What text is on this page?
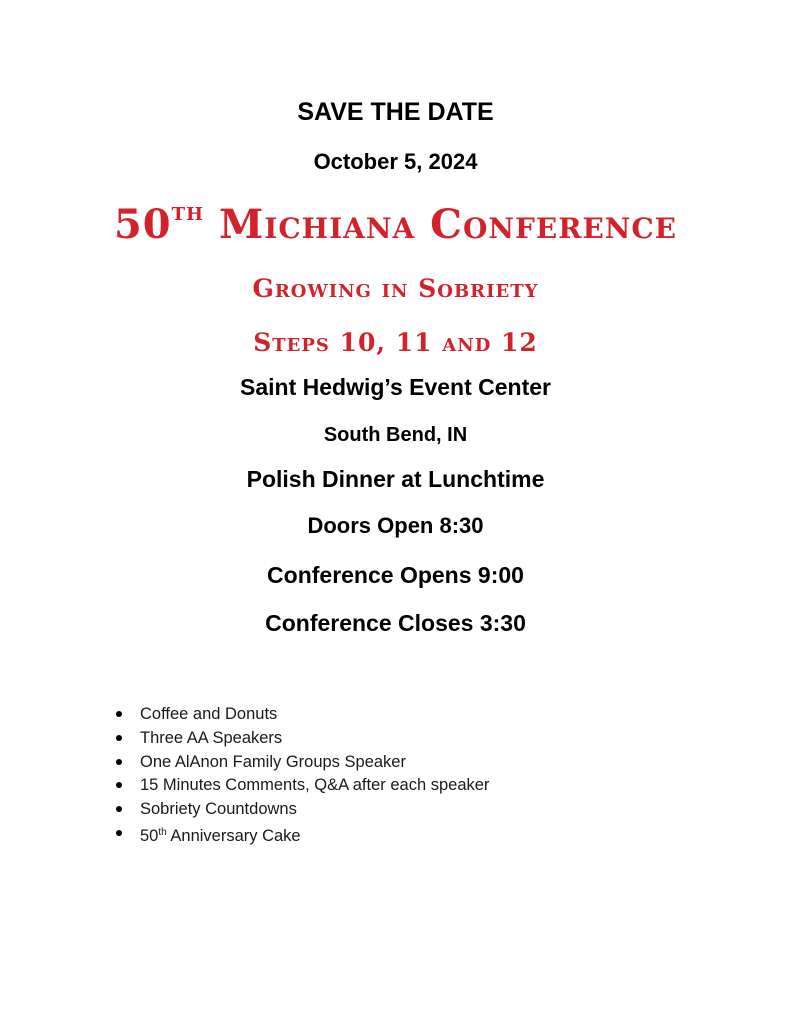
SAVE THE DATE
October 5, 2024
50TH Michiana Conference
Growing in Sobriety
Steps 10, 11 and 12
Saint Hedwig’s Event Center
South Bend, IN
Polish Dinner at Lunchtime
Doors Open 8:30
Conference Opens 9:00
Conference Closes 3:30
Coffee and Donuts
Three AA Speakers
One AlAnon Family Groups Speaker
15 Minutes Comments, Q&A after each speaker
Sobriety Countdowns
50th Anniversary Cake
